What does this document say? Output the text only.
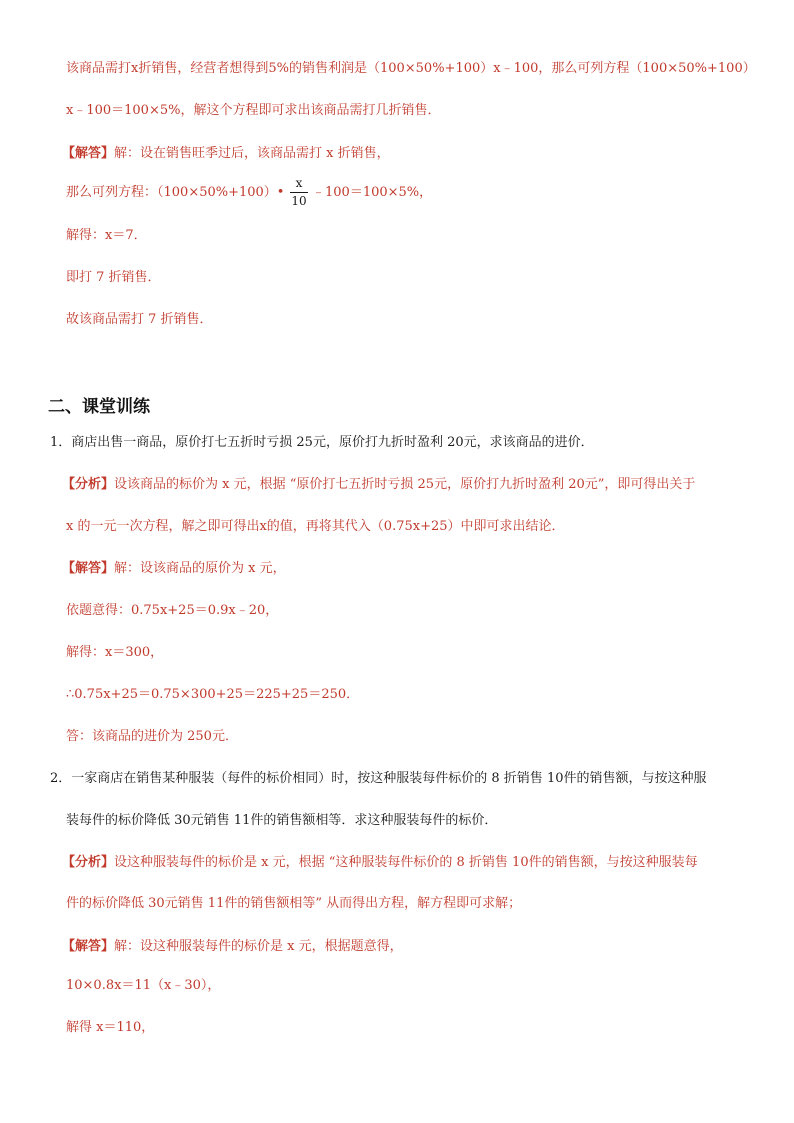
该商品需打x折销售，经营者想得到5%的销售利润是（100×50%+100）x﹣100，那么可列方程（100×50%+100）
x﹣100＝100×5%，解这个方程即可求出该商品需打几折销售．
【解答】解：设在销售旺季过后，该商品需打 x 折销售，
那么可列方程：（100×50%+100）•
x
10
﹣100＝100×5%，
解得：x＝7．
即打 7 折销售．
故该商品需打 7 折销售．
二、课堂训练
1．商店出售一商品，原价打七五折时亏损 25元，原价打九折时盈利 20元，求该商品的进价．
【分析】设该商品的标价为 x 元，根据 “原价打七五折时亏损 25元，原价打九折时盈利 20元”，即可得出关于
x 的一元一次方程，解之即可得出x的值，再将其代入（0.75x+25）中即可求出结论．
【解答】解：设该商品的原价为 x 元，
依题意得：0.75x+25＝0.9x﹣20，
解得：x＝300，
∴0.75x+25＝0.75×300+25＝225+25＝250．
答：该商品的进价为 250元．
2．一家商店在销售某种服装（每件的标价相同）时，按这种服装每件标价的 8 折销售 10件的销售额，与按这种服
装每件的标价降低 30元销售 11件的销售额相等．求这种服装每件的标价．
【分析】设这种服装每件的标价是 x 元，根据 “这种服装每件标价的 8 折销售 10件的销售额，与按这种服装每
件的标价降低 30元销售 11件的销售额相等” 从而得出方程，解方程即可求解；
【解答】解：设这种服装每件的标价是 x 元，根据题意得，
10×0.8x＝11（x﹣30），
解得 x＝110，
